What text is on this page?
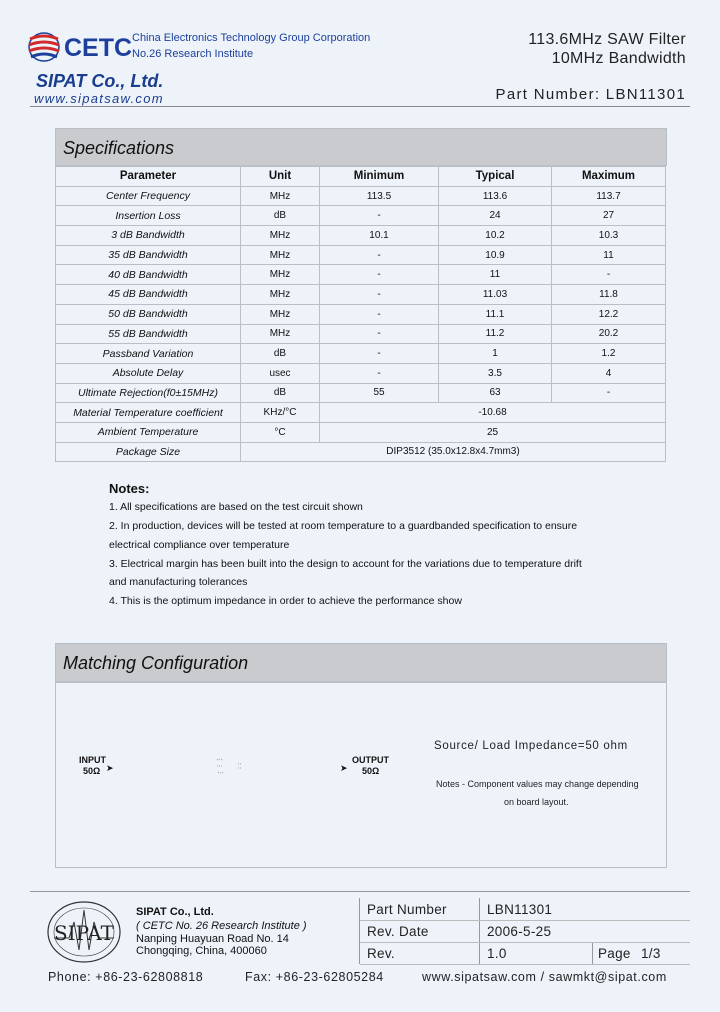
CETC China Electronics Technology Group Corporation
No.26 Research Institute
SIPAT Co., Ltd.
www.sipatsaw.com
113.6MHz SAW Filter
10MHz Bandwidth
Part Number: LBN11301
Specifications
Parameter	Unit	Minimum	Typical	Maximum
Center Frequency	MHz	113.5	113.6	113.7
Insertion Loss	dB	-	24	27
3 dB Bandwidth	MHz	10.1	10.2	10.3
35 dB Bandwidth	MHz	-	10.9	11
40 dB Bandwidth	MHz	-	11	-
45 dB Bandwidth	MHz	-	11.03	11.8
50 dB Bandwidth	MHz	-	11.1	12.2
55 dB Bandwidth	MHz	-	11.2	20.2
Passband Variation	dB	-	1	1.2
Absolute Delay	usec	-	3.5	4
Ultimate Rejection(f0±15MHz)	dB	55	63	-
Material Temperature coefficient	KHz/°C	-10.68		
Ambient Temperature	°C	25		
Package Size	DIP3512 (35.0x12.8x4.7mm3)			
Notes:
1. All specifications are based on the test circuit shown
2. In production, devices will be tested at room temperature to a guardbanded specification to ensure
electrical compliance over temperature
3. Electrical margin has been built into the design to account for the variations due to temperature drift
and manufacturing tolerances
4. This is the optimum impedance in order to achieve the performance show
Matching Configuration
INPUT
50Ω ➤	➤
OUTPUT
50Ω
Source/ Load Impedance=50 ohm
Notes - Component values may change depending
on board layout.
SIPAT
SIPAT Co., Ltd.
( CETC No. 26 Research Institute )
Nanping Huayuan Road No. 14
Chongqing, China, 400060
Part Number	LBN11301
Rev. Date	2006-5-25
Rev.	1.0	Page 1/3
Phone: +86-23-62808818	Fax: +86-23-62805284	www.sipatsaw.com / sawmkt@sipat.com
